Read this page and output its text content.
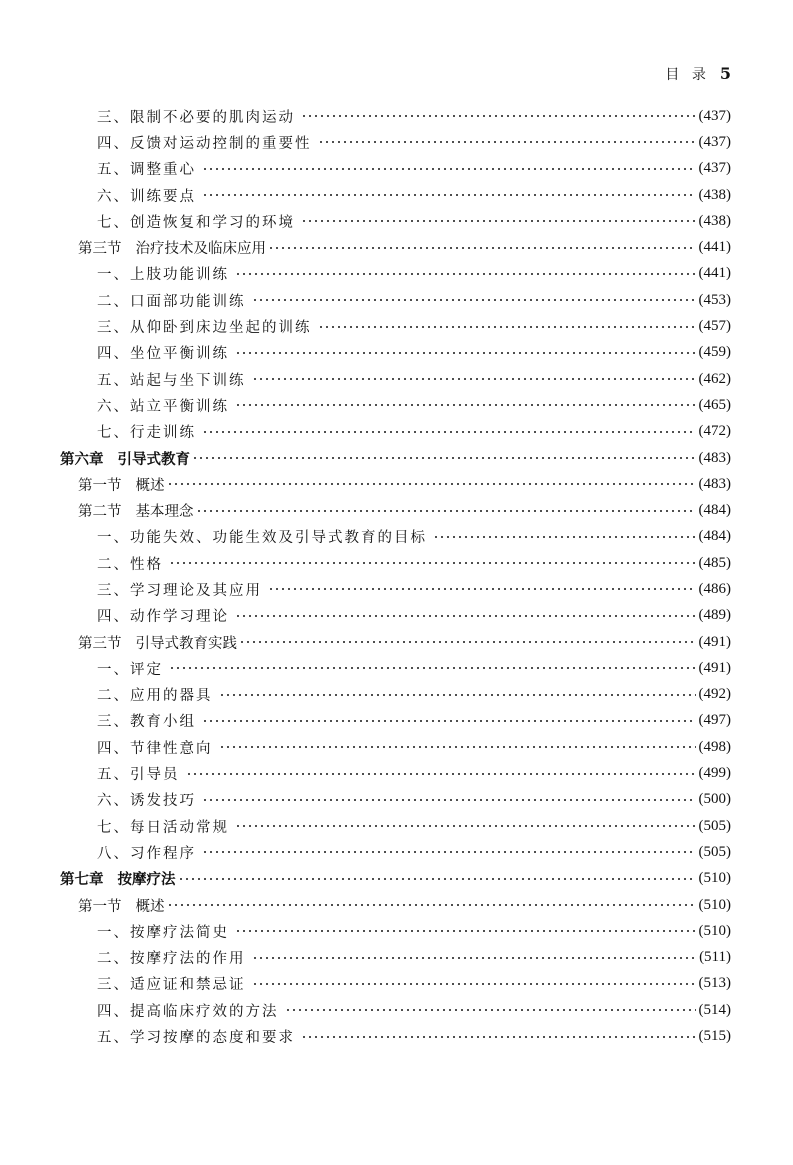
目 录 5
三、限制不必要的肌肉运动	(437)
四、反馈对运动控制的重要性	(437)
五、调整重心	(437)
六、训练要点	(438)
七、创造恢复和学习的环境	(438)
第三节 治疗技术及临床应用	(441)
一、上肢功能训练	(441)
二、口面部功能训练	(453)
三、从仰卧到床边坐起的训练	(457)
四、坐位平衡训练	(459)
五、站起与坐下训练	(462)
六、站立平衡训练	(465)
七、行走训练	(472)
第六章 引导式教育	(483)
第一节 概述	(483)
第二节 基本理念	(484)
一、功能失效、功能生效及引导式教育的目标	(484)
二、性格	(485)
三、学习理论及其应用	(486)
四、动作学习理论	(489)
第三节 引导式教育实践	(491)
一、评定	(491)
二、应用的器具	(492)
三、教育小组	(497)
四、节律性意向	(498)
五、引导员	(499)
六、诱发技巧	(500)
七、每日活动常规	(505)
八、习作程序	(505)
第七章 按摩疗法	(510)
第一节 概述	(510)
一、按摩疗法简史	(510)
二、按摩疗法的作用	(511)
三、适应证和禁忌证	(513)
四、提高临床疗效的方法	(514)
五、学习按摩的态度和要求	(515)
